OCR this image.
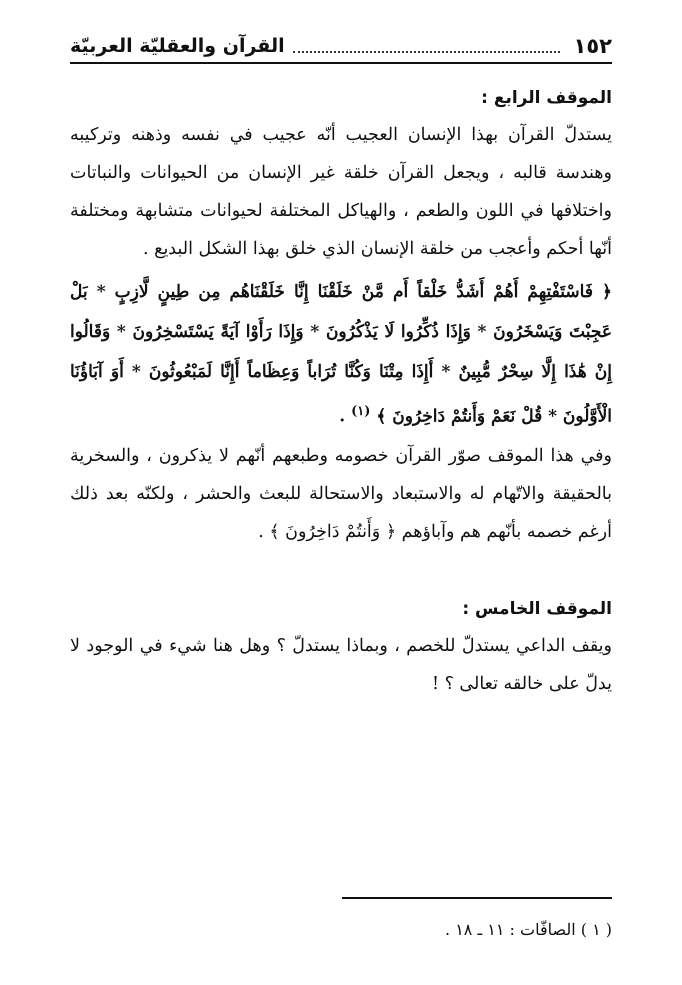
١٥٢
القرآن والعقليّة العربيّة
الموقف الرابع :

يستدلّ القرآن بهذا الإنسان العجيب أنّه عجيب في نفسه وذهنه وتركيبه وهندسة قالبه ، ويجعل القرآن خلقة غير الإنسان من الحيوانات والنباتات واختلافها في اللون والطعم ، والهياكل المختلفة لحيوانات متشابهة ومختلفة أنّها أحكم وأعجب من خلقة الإنسان الذي خلق بهذا الشكل البديع .

﴿ فَاسْتَفْتِهِمْ أَهُمْ أَشَدُّ خَلْقاً أَم مَّنْ خَلَقْنَا إِنَّا خَلَقْنَاهُم مِن طِينٍ لَّازِبٍ * بَلْ عَجِبْتَ وَيَسْخَرُونَ * وَإِذَا ذُكِّرُوا لَا يَذْكُرُونَ * وَإِذَا رَأَوْا آيَةً يَسْتَسْخِرُونَ * وَقَالُوا إِنْ هَٰذَا إِلَّا سِحْرٌ مُّبِينٌ * أَإِذَا مِتْنَا وَكُنَّا تُرَاباً وَعِظَاماً أَإِنَّا لَمَبْعُوثُونَ * أَوَ آبَاؤُنَا الْأَوَّلُونَ * قُلْ نَعَمْ وَأَنتُمْ دَاخِرُونَ ﴾ $^{(١)}$ .

وفي هذا الموقف صوّر القرآن خصومه وطبعهم أنّهم لا يذكرون ، والسخرية بالحقيقة والاتّهام له والاستبعاد والاستحالة للبعث والحشر ، ولكنّه بعد ذلك أرغم خصمه بأنّهم هم وآباؤهم ﴿ وَأَنتُمْ دَاخِرُونَ ﴾ .

الموقف الخامس :

ويقف الداعي يستدلّ للخصم ، وبماذا يستدلّ ؟ وهل هنا شيء في الوجود لا يدلّ على خالقه تعالى ؟ !

( ١ ) الصافّات : ١١ ـ ١٨ .
